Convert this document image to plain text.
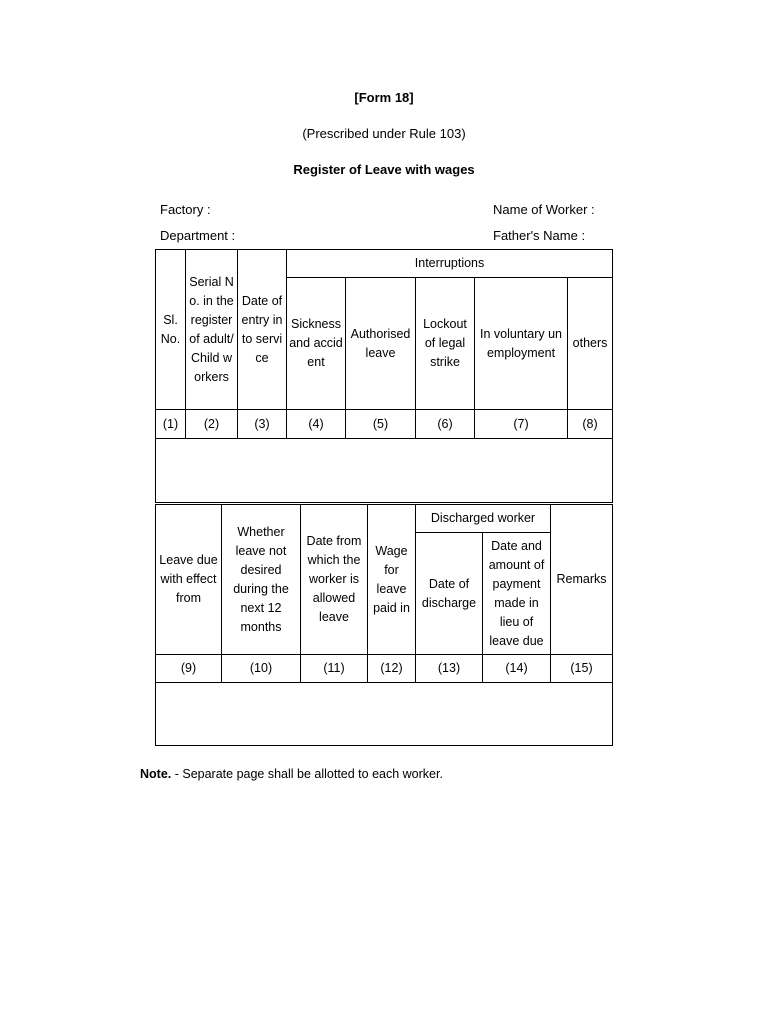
[Form 18]
(Prescribed under Rule 103)
Register of Leave with wages
Factory :
Department :
Name of Worker :
Father's Name :
Sl. No.	Serial No. in the register of adult/ Child workers	Date of entry into service	Interruptions				
			Sickness and accident	Authorised leave	Lockout of legal strike	In voluntary unemployment	others
(1)	(2)	(3)	(4)	(5)	(6)	(7)	(8)

Leave due with effect from	Whether leave not desired during the next 12 months	Date from which the worker is allowed leave	Wage for leave paid in	Discharged worker		Remarks
				Date of discharge	Date and amount of payment made in lieu of leave due	
(9)	(10)	(11)	(12)	(13)	(14)	(15)

Note. - Separate page shall be allotted to each worker.
